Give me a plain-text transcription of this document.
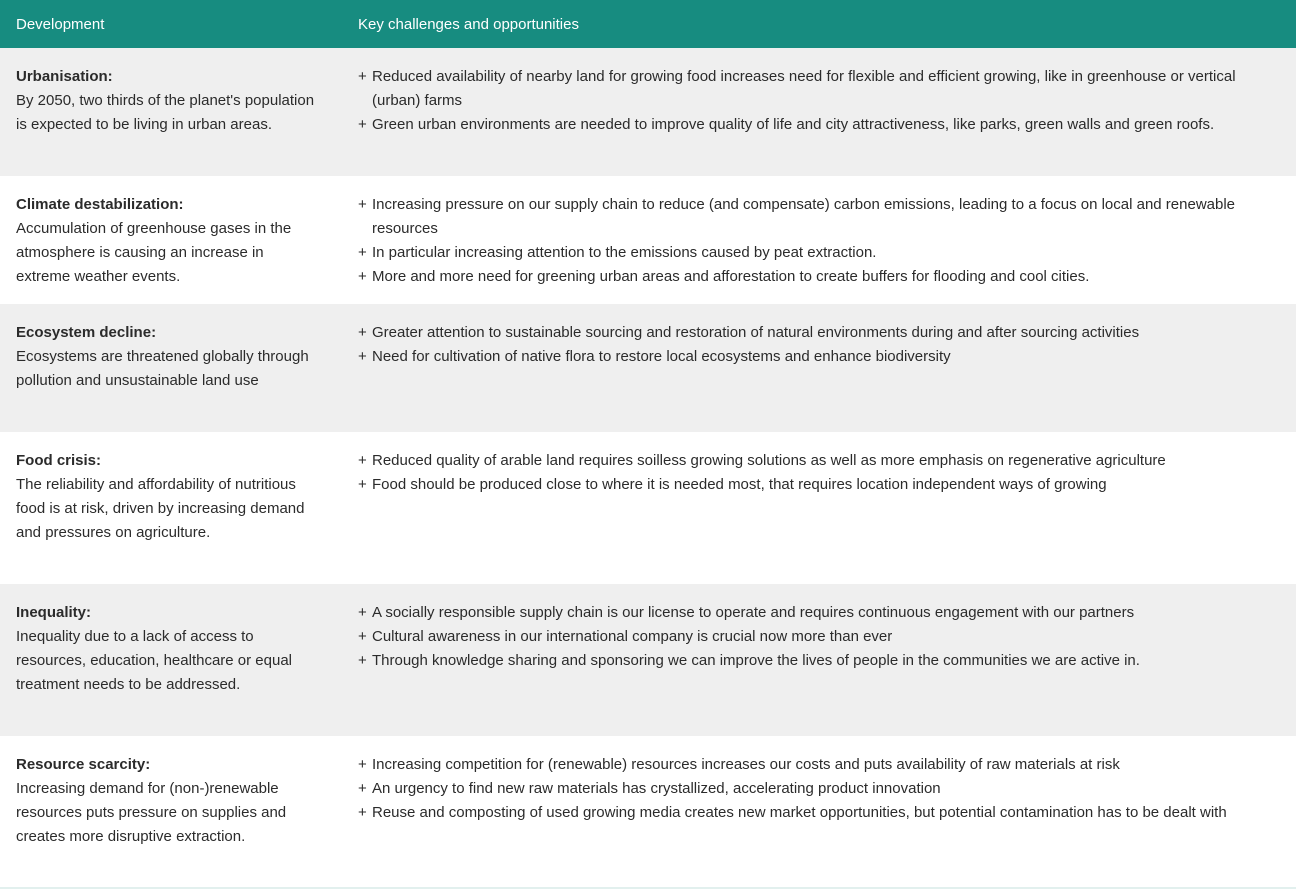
Development	Key challenges and opportunities
Urbanisation:
By 2050, two thirds of the planet's population is expected to be living in urban areas.
+ Reduced availability of nearby land for growing food increases need for flexible and efficient growing, like in greenhouse or vertical (urban) farms
+ Green urban environments are needed to improve quality of life and city attractiveness, like parks, green walls and green roofs.
Climate destabilization:
Accumulation of greenhouse gases in the atmosphere is causing an increase in extreme weather events.
+ Increasing pressure on our supply chain to reduce (and compensate) carbon emissions, leading to a focus on local and renewable resources
+ In particular increasing attention to the emissions caused by peat extraction.
+ More and more need for greening urban areas and afforestation to create buffers for flooding and cool cities.
Ecosystem decline:
Ecosystems are threatened globally through pollution and unsustainable land use
+ Greater attention to sustainable sourcing and restoration of natural environments during and after sourcing activities
+ Need for cultivation of native flora to restore local ecosystems and enhance biodiversity
Food crisis:
The reliability and affordability of nutritious food is at risk, driven by increasing demand and pressures on agriculture.
+ Reduced quality of arable land requires soilless growing solutions as well as more emphasis on regenerative agriculture
+ Food should be produced close to where it is needed most, that requires location independent ways of growing
Inequality:
Inequality due to a lack of access to resources, education, healthcare or equal treatment needs to be addressed.
+ A socially responsible supply chain is our license to operate and requires continuous engagement with our partners
+ Cultural awareness in our international company is crucial now more than ever
+ Through knowledge sharing and sponsoring we can improve the lives of people in the communities we are active in.
Resource scarcity:
Increasing demand for (non-)renewable resources puts pressure on supplies and creates more disruptive extraction.
+ Increasing competition for (renewable) resources increases our costs and puts availability of raw materials at risk
+ An urgency to find new raw materials has crystallized, accelerating product innovation
+ Reuse and composting of used growing media creates new market opportunities, but potential contamination has to be dealt with
